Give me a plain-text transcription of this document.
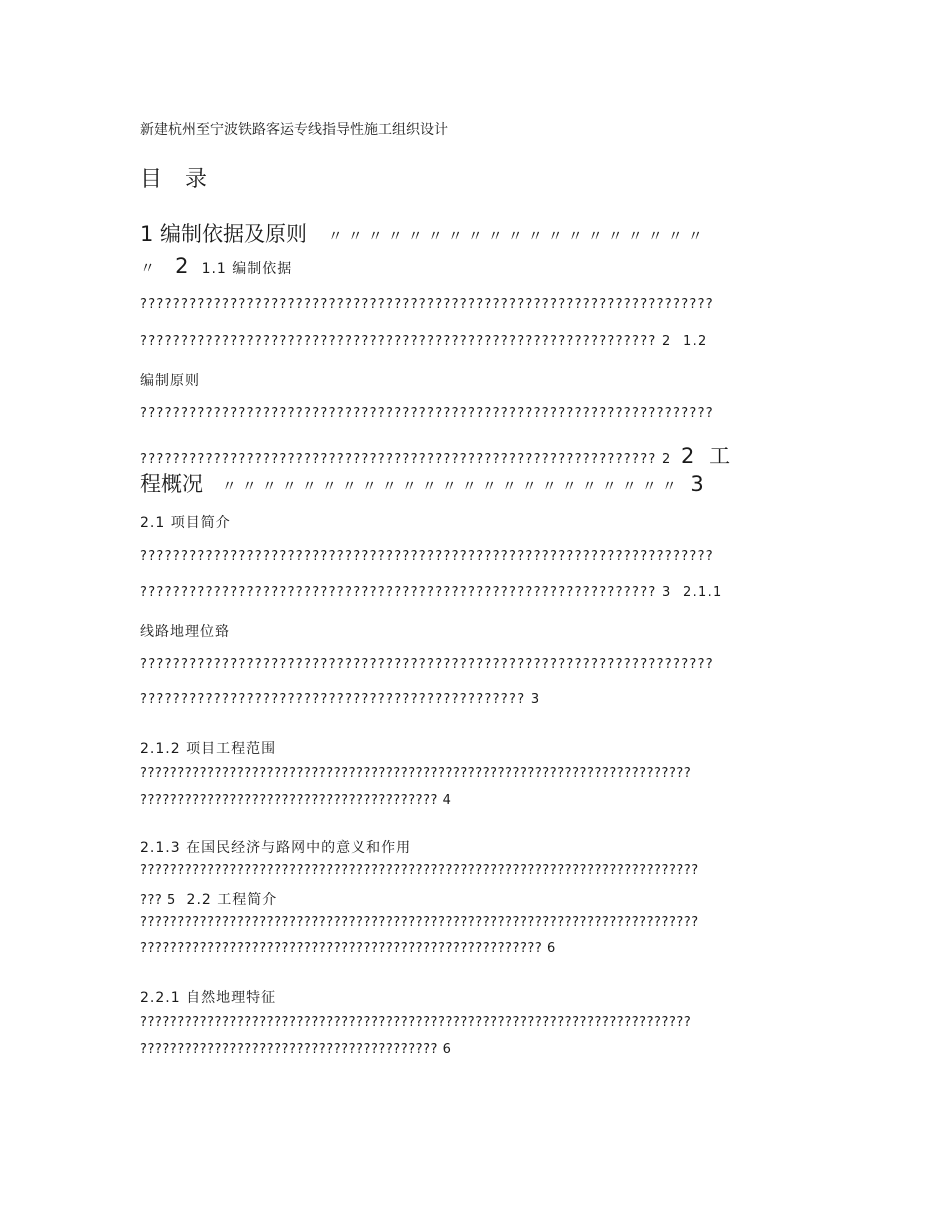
新建杭州至宁波铁路客运专线指导性施工组织设计
目 录
1 编制依据及原则 〃〃〃〃〃〃〃〃〃〃〃〃〃〃〃〃〃〃〃
〃 2 1.1 编制依据
??????????????????????????????????????????????????????????????????????
??????????????????????????????????????????????????????????????? 2 1.2
编制原则
??????????????????????????????????????????????????????????????????????
??????????????????????????????????????????????????????????????? 2 2 工
程概况 〃〃〃〃〃〃〃〃〃〃〃〃〃〃〃〃〃〃〃〃〃〃〃 3
2.1 项目简介
??????????????????????????????????????????????????????????????????????
??????????????????????????????????????????????????????????????? 3 2.1.1
线路地理位臵
??????????????????????????????????????????????????????????????????????
??????????????????????????????????????????????? 3
2.1.2 项目工程范围
??????????????????????????????????????????????????????????????????????????
???????????????????????????????????????? 4
2.1.3 在国民经济与路网中的意义和作用
???????????????????????????????????????????????????????????????????????????
??? 5 2.2 工程简介
???????????????????????????????????????????????????????????????????????????
?????????????????????????????????????????????????????? 6
2.2.1 自然地理特征
??????????????????????????????????????????????????????????????????????????
???????????????????????????????????????? 6
